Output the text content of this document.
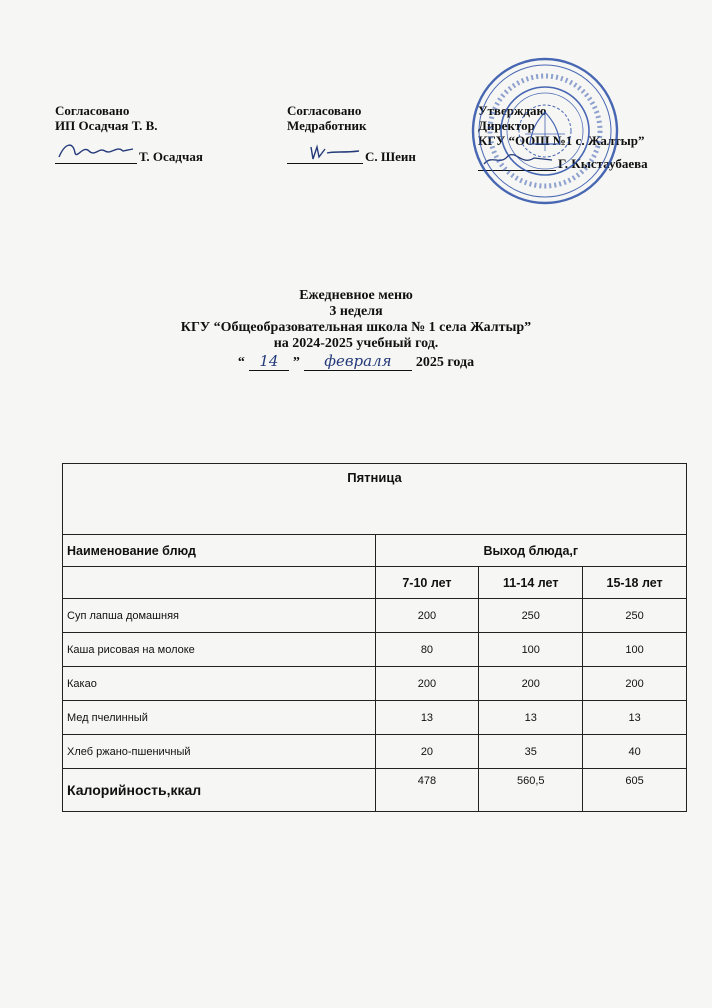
Согласовано
ИП Осадчая Т. В.
Т. Осадчая
Согласовано
Медработник
С. Шеин
Утверждаю
Директор
КГУ “ООШ №1 с. Жалтыр”
Г. Кыстаубаева
Ежедневное меню
3 неделя
КГУ “Общеобразовательная школа № 1 села Жалтыр”
на 2024-2025 учебный год.
“ 14	”	февраля	2025 года
Пятница			
Наименование блюд	Выход блюда,г		
	7-10 лет	11-14 лет	15-18 лет
Суп лапша домашняя	200	250	250
Каша рисовая на молоке	80	100	100
Какао	200	200	200
Мед пчелинный	13	13	13
Хлеб ржано-пшеничный	20	35	40
Калорийность,ккал	478	560,5	605
